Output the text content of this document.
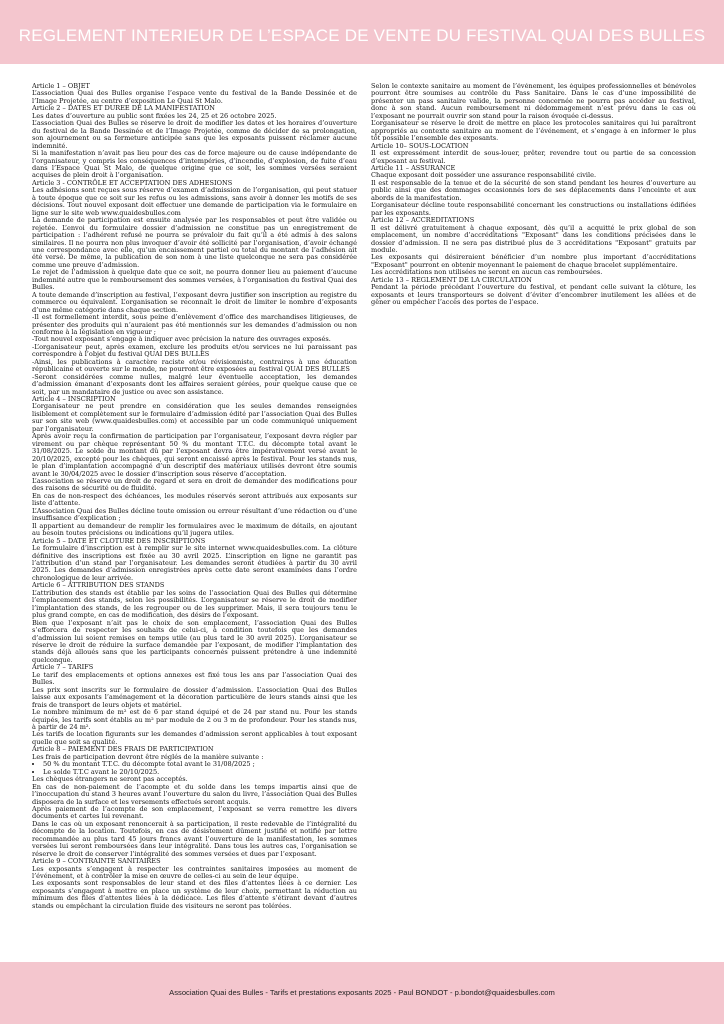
REGLEMENT INTERIEUR DE L’ESPACE DE VENTE DU FESTIVAL QUAI DES BULLES
Article 1 – OBJET

L’association Quai des Bulles organise l’espace vente du festival de la Bande Dessinée et de l’Image Projetée, au centre d’exposition Le Quai St Malo.

Article 2 – DATES ET DUREE DE LA MANIFESTATION

Les dates d’ouverture au public sont fixées les 24, 25 et 26 octobre 2025.

L’association Quai des Bulles se réserve le droit de modifier les dates et les horaires d’ouverture du festival de la Bande Dessinée et de l’Image Projetée, comme de décider de sa prolongation, son ajournement ou sa fermeture anticipée sans que les exposants puissent réclamer aucune indemnité.

Si la manifestation n’avait pas lieu pour des cas de force majeure ou de cause indépendante de l’organisateur, y compris les conséquences d’intempéries, d’incendie, d’explosion, de fuite d’eau dans l’Espace Quai St Malo, de quelque origine que ce soit, les sommes versées seraient acquises de plein droit à l’organisation.

Article 3 - CONTRÔLE ET ACCEPTATION DES ADHESIONS

Les adhésions sont reçues sous réserve d’examen d’admission de l’organisation, qui peut statuer à toute époque que ce soit sur les refus ou les admissions, sans avoir à donner les motifs de ses décisions. Tout nouvel exposant doit effectuer une demande de participation via le formulaire en ligne sur le site web www.quaidesbulles.com

La demande de participation est ensuite analysée par les responsables et peut être validée ou rejetée. L’envoi du formulaire dossier d’admission ne constitue pas un enregistrement de participation : l’adhérent refusé ne pourra se prévaloir du fait qu’il a été admis à des salons similaires. Il ne pourra non plus invoquer d’avoir été sollicité par l’organisation, d’avoir échangé une correspondance avec elle, qu’un encaissement partiel ou total du montant de l’adhésion ait été versé. De même, la publication de son nom à une liste quelconque ne sera pas considérée comme une preuve d’admission.

Le rejet de l’admission à quelque date que ce soit, ne pourra donner lieu au paiement d’aucune indemnité autre que le remboursement des sommes versées, à l’organisation du festival Quai des Bulles.

A toute demande d’inscription au festival, l’exposant devra justifier son inscription au registre du commerce ou équivalent. L’organisation se reconnaît le droit de limiter le nombre d’exposants d’une même catégorie dans chaque section.

-Il est formellement interdit, sous peine d’enlèvement d’office des marchandises litigieuses, de présenter des produits qui n’auraient pas été mentionnés sur les demandes d’admission ou non conforme à la législation en vigueur ;

-Tout nouvel exposant s’engage à indiquer avec précision la nature des ouvrages exposés.

-L’organisateur peut, après examen, exclure les produits et/ou services ne lui paraissant pas correspondre à l’objet du festival QUAI DES BULLES

-Ainsi, les publications à caractère raciste et/ou révisionniste, contraires à une éducation républicaine et ouverte sur le monde, ne pourront être exposées au festival QUAI DES BULLES

-Seront considérées comme nulles, malgré leur éventuelle acceptation, les demandes d’admission émanant d’exposants dont les affaires seraient gérées, pour quelque cause que ce soit, par un mandataire de justice ou avec son assistance.

Article 4 – INSCRIPTION

L’organisateur ne peut prendre en considération que les seules demandes renseignées lisiblement et complètement sur le formulaire d’admission édité par l’association Quai des Bulles sur son site web (www.quaidesbulles.com) et accessible par un code communiqué uniquement par l’organisateur.

Après avoir reçu la confirmation de participation par l’organisateur, l’exposant devra régler par virement ou par chèque représentant 50 % du montant T.T.C. du décompte total avant le 31/08/2025. Le solde du montant dû par l’exposant devra être impérativement versé avant le 20/10/2025, excepté pour les chèques, qui seront encaissé après le festival. Pour les stands nus, le plan d’implantation accompagné d’un descriptif des matériaux utilisés devront être soumis avant le 30/04/2025 avec le dossier d’inscription sous réserve d’acceptation.

L’association se réserve un droit de regard et sera en droit de demander des modifications pour des raisons de sécurité ou de fluidité.

En cas de non-respect des échéances, les modules réservés seront attribués aux exposants sur liste d’attente.

L’Association Quai des Bulles décline toute omission ou erreur résultant d’une rédaction ou d’une insuffisance d’explication ;

Il appartient au demandeur de remplir les formulaires avec le maximum de détails, en ajoutant au besoin toutes précisions ou indications qu’il jugera utiles.

Article 5 – DATE ET CLOTURE DES INSCRIPTIONS

Le formulaire d’inscription est à remplir sur le site internet www.quaidesbulles.com. La clôture définitive des inscriptions est fixée au 30 avril 2025. L’inscription en ligne ne garantit pas l’attribution d’un stand par l’organisateur. Les demandes seront étudiées à partir du 30 avril 2025. Les demandes d’admission enregistrées après cette date seront examinées dans l’ordre chronologique de leur arrivée.

Article 6 – ATTRIBUTION DES STANDS

L’attribution des stands est établie par les soins de l’association Quai des Bulles qui détermine l’emplacement des stands, selon les possibilités. L’organisateur se réserve le droit de modifier l’implantation des stands, de les regrouper ou de les supprimer. Mais, il sera toujours tenu le plus grand compte, en cas de modification, des désirs de l’exposant.

Bien que l’exposant n’ait pas le choix de son emplacement, l’association Quai des Bulles s’efforcera de respecter les souhaits de celui-ci, à condition toutefois que les demandes d’admission lui soient remises en temps utile (au plus tard le 30 avril 2025). L’organisateur se réserve le droit de réduire la surface demandée par l’exposant, de modifier l’implantation des stands déjà alloués sans que les participants concernés puissent prétendre à une indemnité quelconque.

Article 7 – TARIFS

Le tarif des emplacements et options annexes est fixé tous les ans par l’association Quai des Bulles.

Les prix sont inscrits sur le formulaire de dossier d’admission. L’association Quai des Bulles laisse aux exposants l’aménagement et la décoration particulière de leurs stands ainsi que les frais de transport de leurs objets et matériel.

Le nombre minimum de m² est de 6 par stand équipé et de 24 par stand nu. Pour les stands équipés, les tarifs sont établis au m² par module de 2 ou 3 m de profondeur. Pour les stands nus, à partir de 24 m².

Les tarifs de location figurants sur les demandes d’admission seront applicables à tout exposant quelle que soit sa qualité.

Article 8 – PAIEMENT DES FRAIS DE PARTICIPATION

Les frais de participation devront être réglés de la manière suivante :

• 50 % du montant T.T.C. du décompte total avant le 31/08/2025 ;
• Le solde T.T.C avant le 20/10/2025.

Les chèques étrangers ne seront pas acceptés.

En cas de non-paiement de l’acompte et du solde dans les temps impartis ainsi que de l’inoccupation du stand 3 heures avant l’ouverture du salon du livre, l’association Quai des Bulles disposera de la surface et les versements effectués seront acquis.

Après paiement de l’acompte de son emplacement, l’exposant se verra remettre les divers documents et cartes lui revenant.

Dans le cas où un exposant renoncerait à sa participation, il reste redevable de l’intégralité du décompte de la location. Toutefois, en cas de désistement dûment justifié et notifié par lettre recommandée au plus tard 45 jours francs avant l’ouverture de la manifestation, les sommes versées lui seront remboursées dans leur intégralité. Dans tous les autres cas, l’organisation se réserve le droit de conserver l’intégralité des sommes versées et dues par l’exposant.

Article 9 – CONTRAINTE SANITAIRES

Les exposants s’engagent à respecter les contraintes sanitaires imposées au moment de l’événement, et à contrôler la mise en œuvre de celles-ci au sein de leur équipe.

Les exposants sont responsables de leur stand et des files d’attentes liées à ce dernier. Les exposants s’engagent à mettre en place un système de leur choix, permettant la réduction au minimum des files d’attentes liées à la dédicace. Les files d’attente s’étirant devant d’autres stands ou empêchant la circulation fluide des visiteurs ne seront pas tolérées.

Selon le contexte sanitaire au moment de l’événement, les équipes professionnelles et bénévoles pourront être soumises au contrôle du Pass Sanitaire. Dans le cas d’une impossibilité de présenter un pass sanitaire valide, la personne concernée ne pourra pas accéder au festival, donc à son stand. Aucun remboursement ni dédommagement n’est prévu dans le cas où l’exposant ne pourrait ouvrir son stand pour la raison évoquée ci-dessus.

L’organisateur se réserve le droit de mettre en place les protocoles sanitaires qui lui paraîtront appropriés au contexte sanitaire au moment de l’événement, et s’engage à en informer le plus tôt possible l’ensemble des exposants.

Article 10– SOUS-LOCATION

Il est expressément interdit de sous-louer, prêter, revendre tout ou partie de sa concession d’exposant au festival.

Article 11 – ASSURANCE

Chaque exposant doit posséder une assurance responsabilité civile.

Il est responsable de la tenue et de la sécurité de son stand pendant les heures d’ouverture au public ainsi que des dommages occasionnés lors de ses déplacements dans l’enceinte et aux abords de la manifestation.

L’organisateur décline toute responsabilité concernant les constructions ou installations édifiées par les exposants.

Article 12 – ACCREDITATIONS

Il est délivré gratuitement à chaque exposant, dès qu’il a acquitté le prix global de son emplacement, un nombre d’accréditations "Exposant" dans les conditions précisées dans le dossier d’admission. Il ne sera pas distribué plus de 3 accréditations "Exposant" gratuits par module.

Les exposants qui désireraient bénéficier d’un nombre plus important d’accréditations "Exposant" pourront en obtenir moyennant le paiement de chaque bracelet supplémentaire.

Les accréditations non utilisées ne seront en aucun cas remboursées.

Article 13 – REGLEMENT DE LA CIRCULATION

Pendant la période précédant l’ouverture du festival, et pendant celle suivant la clôture, les exposants et leurs transporteurs se doivent d’éviter d’encombrer inutilement les allées et de gêner ou empêcher l’accès des portes de l’espace.

Association Quai des Bulles - Tarifs et prestations exposants 2025 - Paul BONDOT - p.bondot@quaidesbulles.com
